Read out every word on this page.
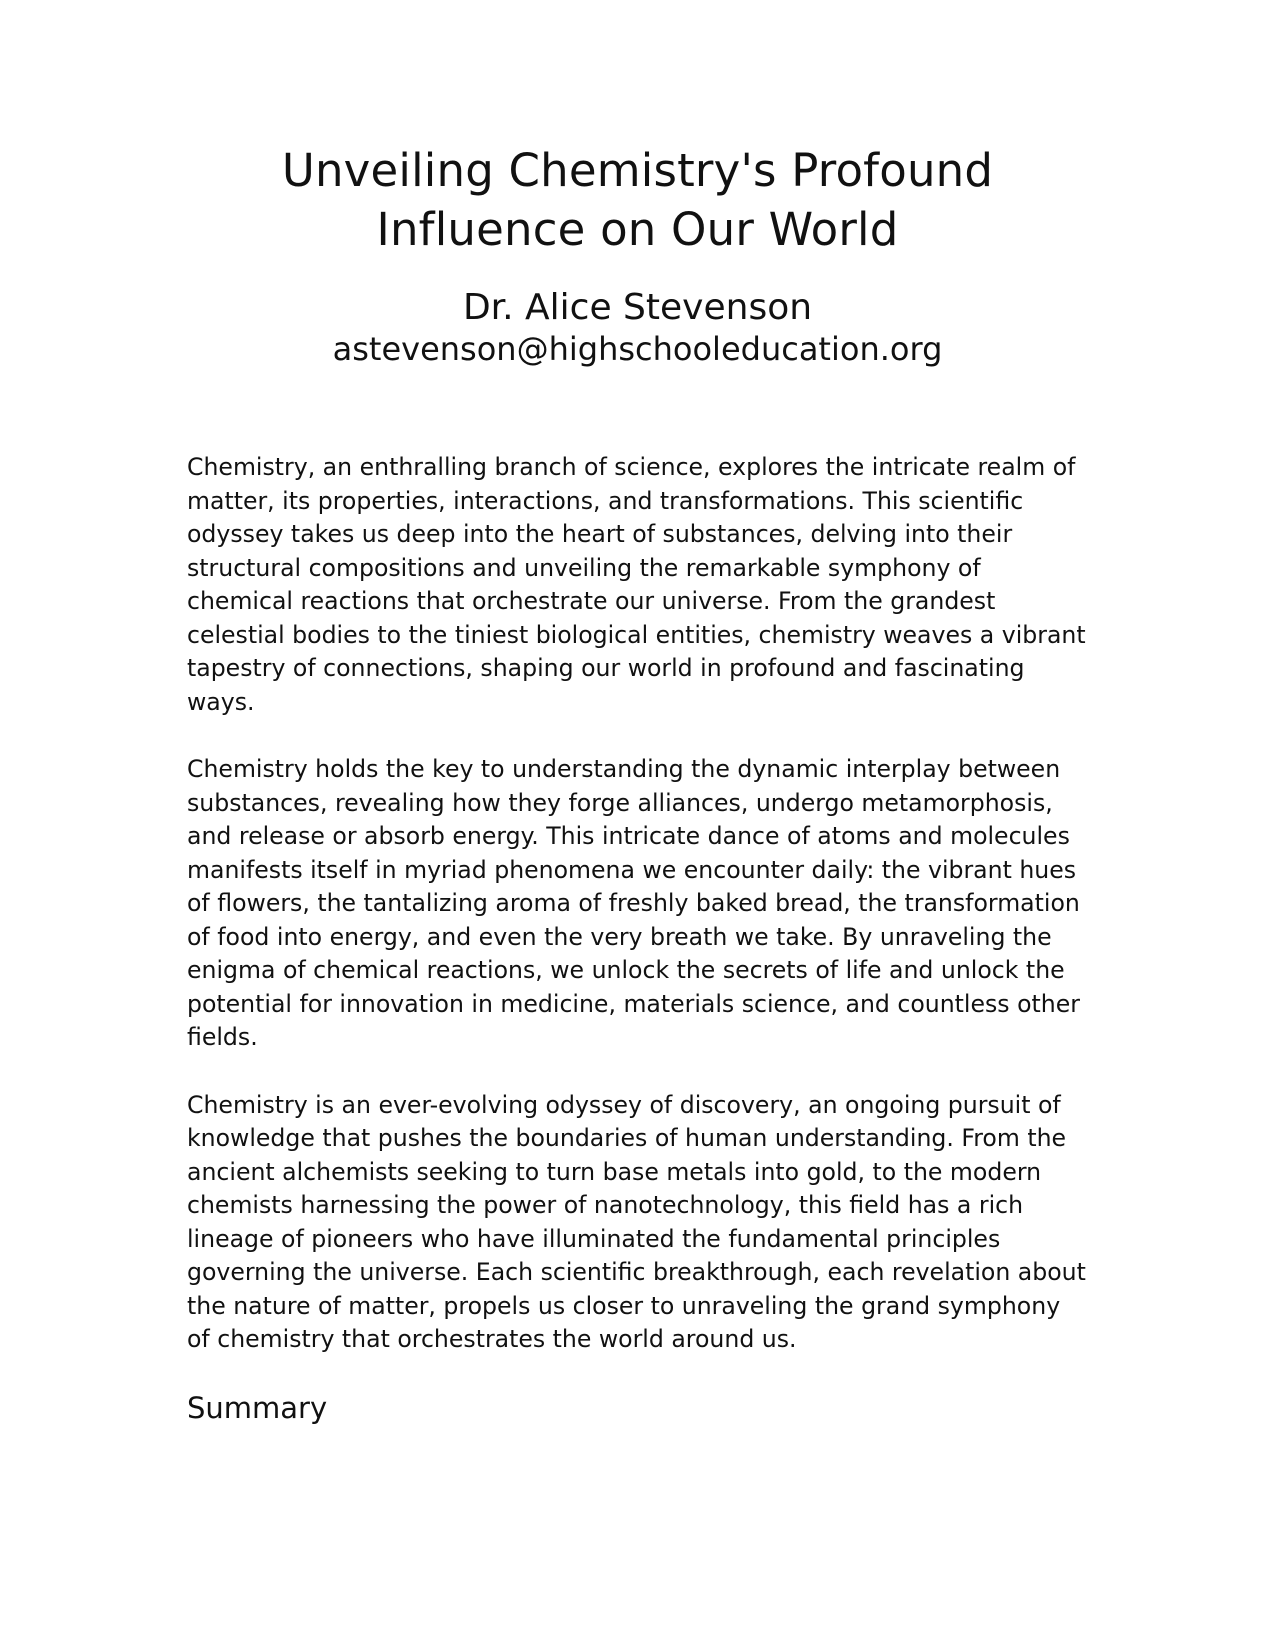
Unveiling Chemistry's Profound
Influence on Our World
Dr. Alice Stevenson
astevenson@highschooleducation.org

Chemistry, an enthralling branch of science, explores the intricate realm of matter, its properties, interactions, and transformations. This scientific odyssey takes us deep into the heart of substances, delving into their structural compositions and unveiling the remarkable symphony of chemical reactions that orchestrate our universe. From the grandest celestial bodies to the tiniest biological entities, chemistry weaves a vibrant tapestry of connections, shaping our world in profound and fascinating ways.

Chemistry holds the key to understanding the dynamic interplay between substances, revealing how they forge alliances, undergo metamorphosis, and release or absorb energy. This intricate dance of atoms and molecules manifests itself in myriad phenomena we encounter daily: the vibrant hues of flowers, the tantalizing aroma of freshly baked bread, the transformation of food into energy, and even the very breath we take. By unraveling the enigma of chemical reactions, we unlock the secrets of life and unlock the potential for innovation in medicine, materials science, and countless other fields.

Chemistry is an ever-evolving odyssey of discovery, an ongoing pursuit of knowledge that pushes the boundaries of human understanding. From the ancient alchemists seeking to turn base metals into gold, to the modern chemists harnessing the power of nanotechnology, this field has a rich lineage of pioneers who have illuminated the fundamental principles governing the universe. Each scientific breakthrough, each revelation about the nature of matter, propels us closer to unraveling the grand symphony of chemistry that orchestrates the world around us.

Summary
